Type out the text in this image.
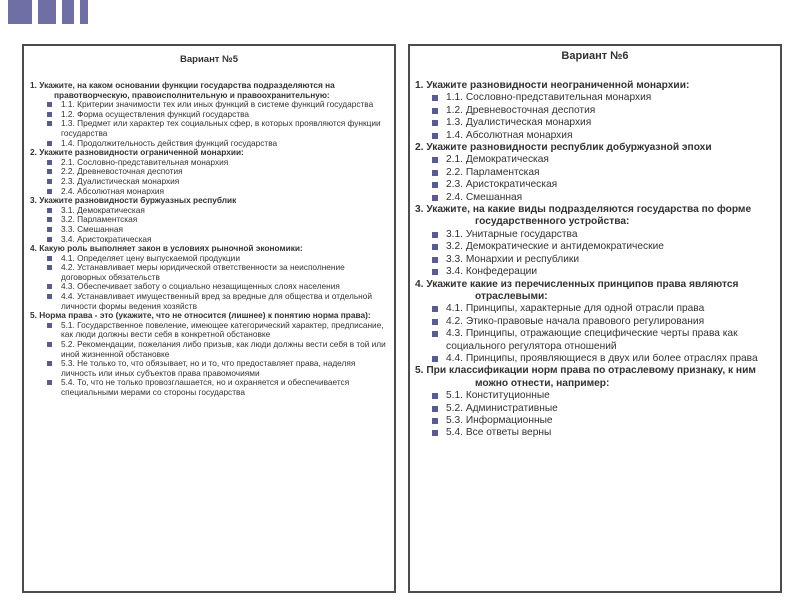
Вариант №5
1. Укажите, на каком основании функции государства подразделяются на правотворческую, правоисполнительную и правоохранительную:
1.1. Критерии значимости тех или иных функций в системе функций государства
1.2. Форма осуществления функций государства
1.3. Предмет или характер тех социальных сфер, в которых проявляются функции государства
1.4. Продолжительность действия функций государства
2. Укажите разновидности ограниченной монархии:
2.1. Сословно-представительная монархия
2.2. Древневосточная деспотия
2.3. Дуалистическая монархия
2.4. Абсолютная монархия
3. Укажите разновидности буржуазных республик
3.1. Демократическая
3.2. Парламентская
3.3. Смешанная
3.4. Аристократическая
4. Какую роль выполняет закон в условиях рыночной экономики:
4.1. Определяет цену выпускаемой продукции
4.2. Устанавливает меры юридической ответственности за неисполнение договорных обязательств
4.3. Обеспечивает заботу о социально незащищенных слоях населения
4.4. Устанавливает имущественный вред за вредные для общества и отдельной личности формы ведения хозяйств
5. Норма права - это (укажите, что не относится (лишнее) к понятию норма права):
5.1. Государственное повеление, имеющее категорический характер, предписание, как люди должны вести себя в конкретной обстановке
5.2. Рекомендации, пожелания либо призыв, как люди должны вести себя в той или иной жизненной обстановке
5.3. Не только то, что обязывает, но и то, что предоставляет права, наделяя личность или иных субъектов права правомочиями
5.4. То, что не только провозглашается, но и охраняется и обеспечивается специальными мерами со стороны государства
Вариант №6
1. Укажите разновидности неограниченной монархии:
1.1. Сословно-представительная монархия
1.2. Древневосточная деспотия
1.3. Дуалистическая монархия
1.4. Абсолютная монархия
2. Укажите разновидности республик добуржуазной эпохи
2.1. Демократическая
2.2. Парламентская
2.3. Аристократическая
2.4. Смешанная
3. Укажите, на какие виды подразделяются государства по форме государственного устройства:
3.1. Унитарные государства
3.2. Демократические и антидемократические
3.3. Монархии и республики
3.4. Конфедерации
4. Укажите какие из перечисленных принципов права являются отраслевыми:
4.1. Принципы, характерные для одной отрасли права
4.2. Этико-правовые начала правового регулирования
4.3. Принципы, отражающие специфические черты права как социального регулятора отношений
4.4. Принципы, проявляющиеся в двух или более отраслях права
5. При классификации норм права по отраслевому признаку, к ним можно отнести, например:
5.1. Конституционные
5.2. Административные
5.3. Информационные
5.4. Все ответы верны
